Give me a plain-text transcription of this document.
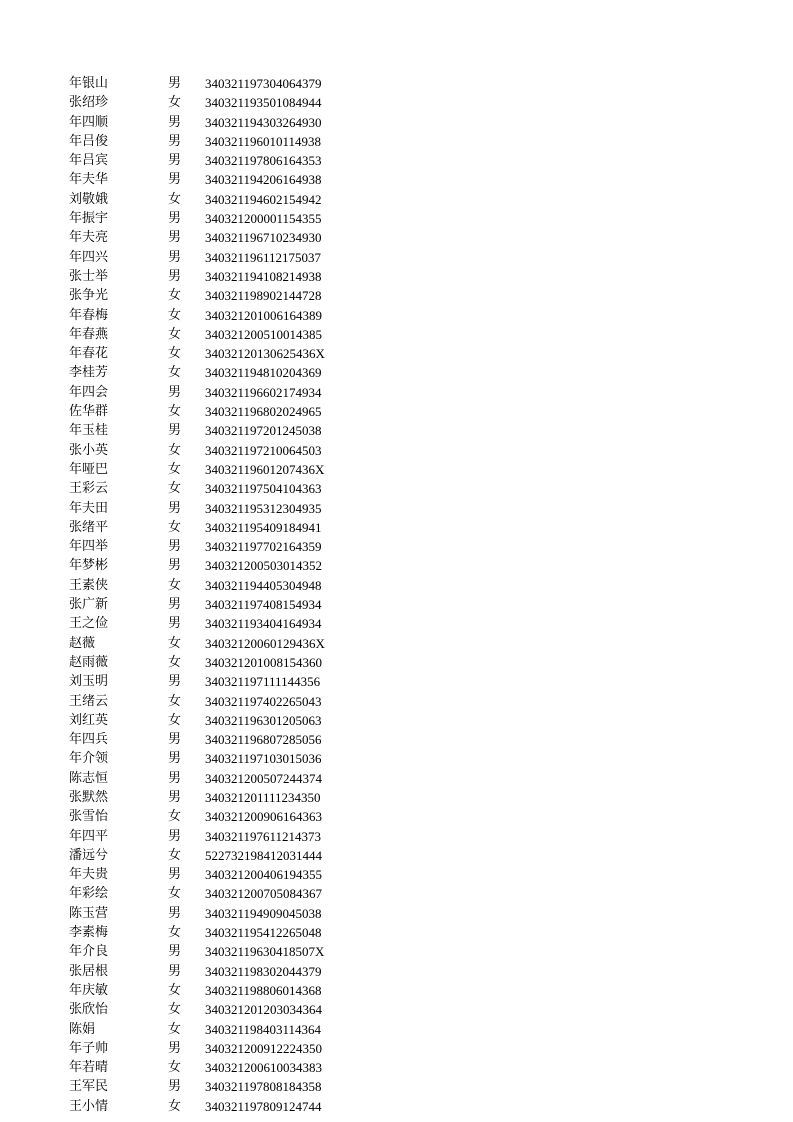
年银山	男 340321197304064379
张绍珍	女 340321193501084944
年四顺	男 340321194303264930
年吕俊	男 340321196010114938
年吕宾	男 340321197806164353
年夫华	男 340321194206164938
刘敬娥	女 340321194602154942
年振宇	男 340321200001154355
年夫亮	男 340321196710234930
年四兴	男 340321196112175037
张士举	男 340321194108214938
张争光	女 340321198902144728
年春梅	女 340321201006164389
年春燕	女 340321200510014385
年春花	女 34032120130625436X
李桂芳	女 340321194810204369
年四会	男 340321196602174934
佐华群	女 340321196802024965
年玉桂	男 340321197201245038
张小英	女 340321197210064503
年哑巴	女 34032119601207436X
王彩云	女 340321197504104363
年夫田	男 340321195312304935
张绪平	女 340321195409184941
年四举	男 340321197702164359
年梦彬	男 340321200503014352
王素侠	女 340321194405304948
张广新	男 340321197408154934
王之俭	男 340321193404164934
赵薇	女 34032120060129436X
赵雨薇	女 340321201008154360
刘玉明	男 340321197111144356
王绪云	女 340321197402265043
刘红英	女 340321196301205063
年四兵	男 340321196807285056
年介领	男 340321197103015036
陈志恒	男 340321200507244374
张默然	男 340321201111234350
张雪怡	女 340321200906164363
年四平	男 340321197611214373
潘远兮	女 522732198412031444
年夫贵	男 340321200406194355
年彩绘	女 340321200705084367
陈玉营	男 340321194909045038
李素梅	女 340321195412265048
年介良	男 34032119630418507X
张居根	男 340321198302044379
年庆敏	女 340321198806014368
张欣怡	女 340321201203034364
陈娟	女 340321198403114364
年子帅	男 340321200912224350
年若晴	女 340321200610034383
王军民	男 340321197808184358
王小情	女 340321197809124744
